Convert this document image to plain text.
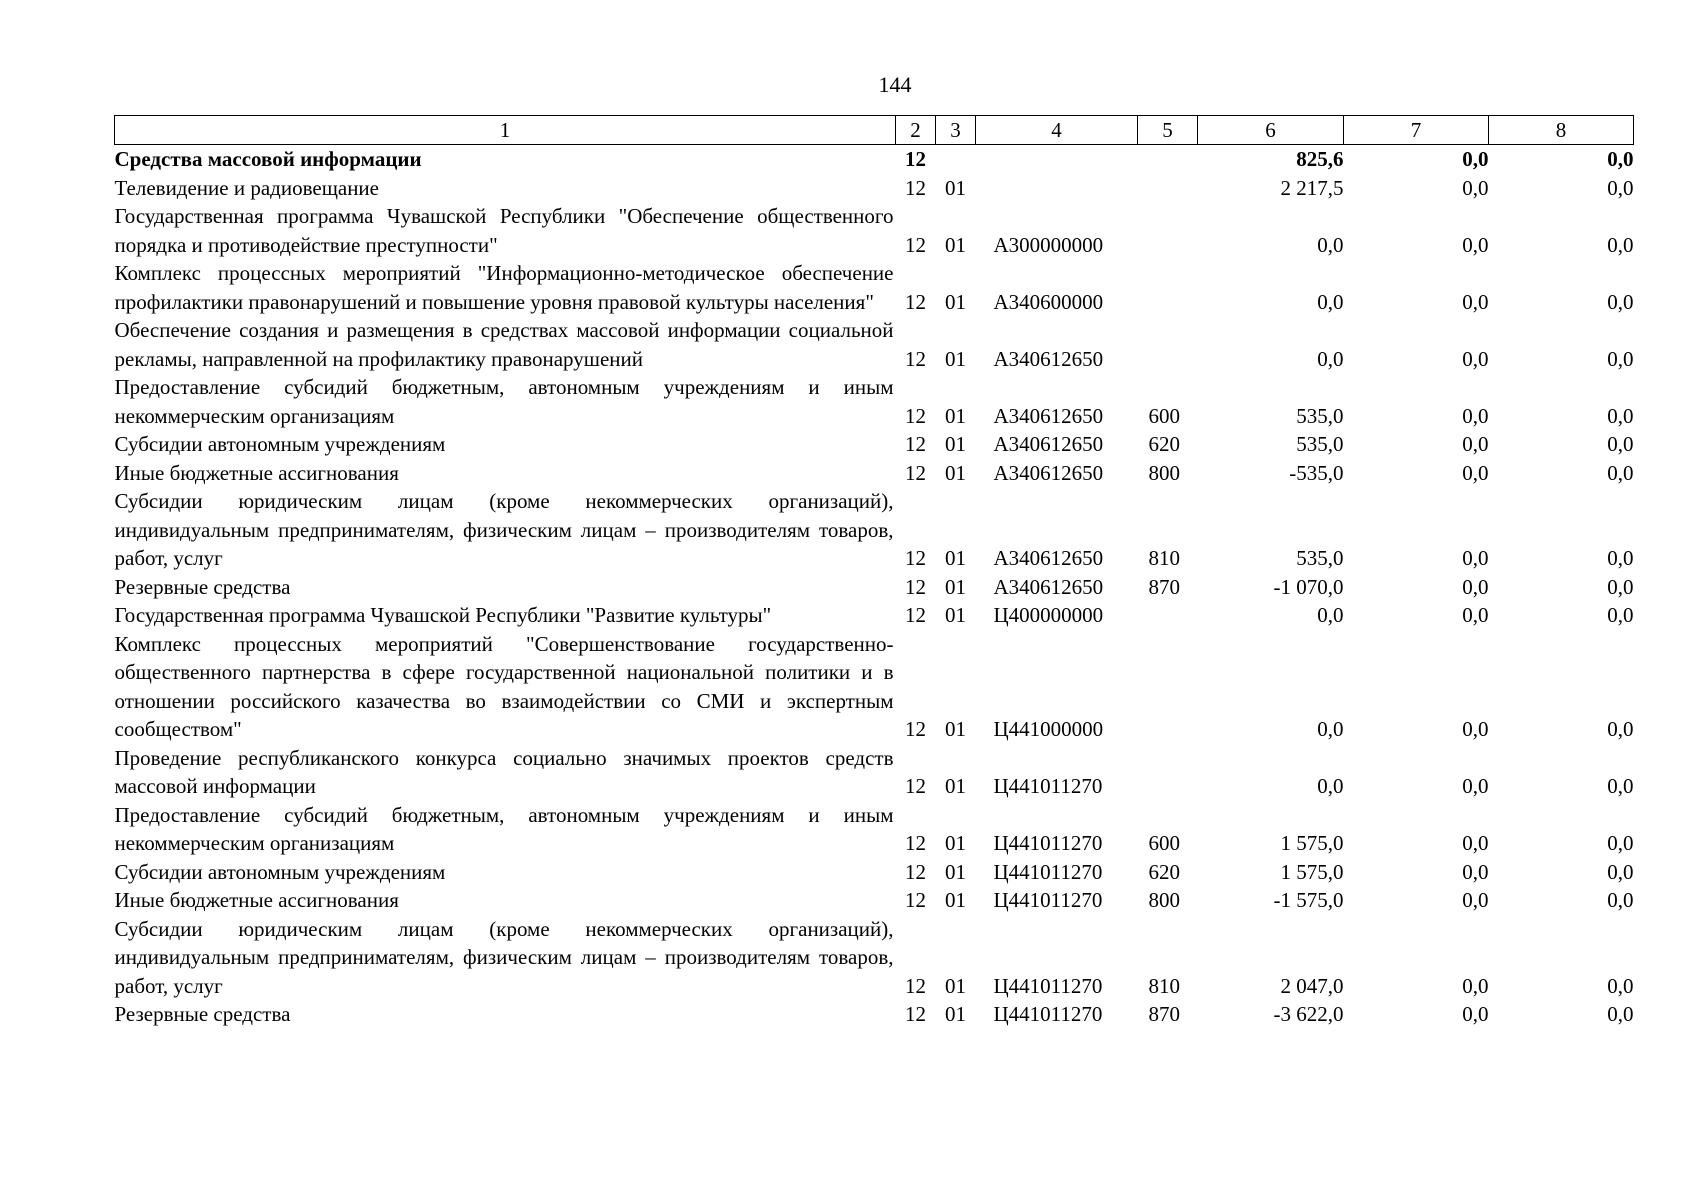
144
1	2	3	4	5	6	7	8
Средства массовой информации	12				825,6	0,0	0,0
Телевидение и радиовещание	12	01			2 217,5	0,0	0,0
Государственная программа Чувашской Республики "Обеспечение общественного порядка и противодействие преступности"	12	01	А300000000		0,0	0,0	0,0
Комплекс процессных мероприятий "Информационно-методическое обеспечение профилактики правонарушений и повышение уровня правовой культуры населения"	12	01	А340600000		0,0	0,0	0,0
Обеспечение создания и размещения в средствах массовой информации социальной рекламы, направленной на профилактику правонарушений	12	01	А340612650		0,0	0,0	0,0
Предоставление субсидий бюджетным, автономным учреждениям и иным некоммерческим организациям	12	01	А340612650	600	535,0	0,0	0,0
Субсидии автономным учреждениям	12	01	А340612650	620	535,0	0,0	0,0
Иные бюджетные ассигнования	12	01	А340612650	800	-535,0	0,0	0,0
Субсидии юридическим лицам (кроме некоммерческих организаций), индивидуальным предпринимателям, физическим лицам – производителям товаров, работ, услуг	12	01	А340612650	810	535,0	0,0	0,0
Резервные средства	12	01	А340612650	870	-1 070,0	0,0	0,0
Государственная программа Чувашской Республики "Развитие культуры"	12	01	Ц400000000		0,0	0,0	0,0
Комплекс процессных мероприятий "Совершенствование государственно-общественного партнерства в сфере государственной национальной политики и в отношении российского казачества во взаимодействии со СМИ и экспертным сообществом"	12	01	Ц441000000		0,0	0,0	0,0
Проведение республиканского конкурса социально значимых проектов средств массовой информации	12	01	Ц441011270		0,0	0,0	0,0
Предоставление субсидий бюджетным, автономным учреждениям и иным некоммерческим организациям	12	01	Ц441011270	600	1 575,0	0,0	0,0
Субсидии автономным учреждениям	12	01	Ц441011270	620	1 575,0	0,0	0,0
Иные бюджетные ассигнования	12	01	Ц441011270	800	-1 575,0	0,0	0,0
Субсидии юридическим лицам (кроме некоммерческих организаций), индивидуальным предпринимателям, физическим лицам – производителям товаров, работ, услуг	12	01	Ц441011270	810	2 047,0	0,0	0,0
Резервные средства	12	01	Ц441011270	870	-3 622,0	0,0	0,0
